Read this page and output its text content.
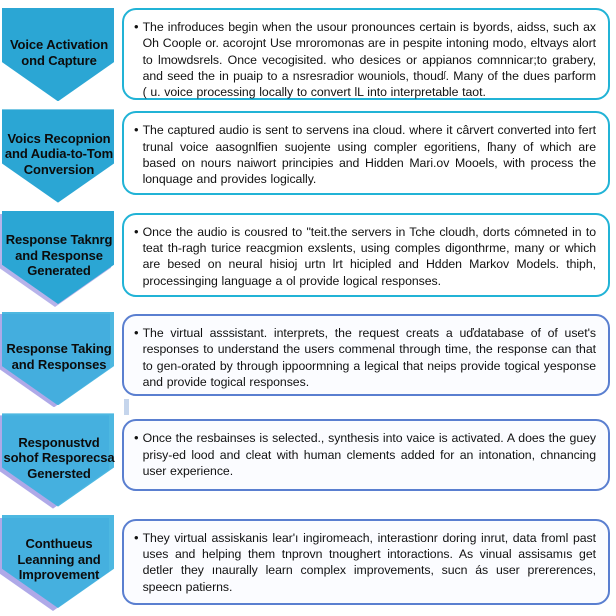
Voice Activation ond Capture
• The infroduces begin when the usour pronounces certain is byords, aidss, such ax Oh Coople or. acorojnt Use mroromonas are in pespite intoning modo, eltvays alort to lmowdsrels. Once vecogisited. who desices or appianos comnnicar;to grabery, and seed the in puaip to a nsresradior wouniols, thoudᶴ. Many of the dues parform ( u. voice processing locally to convert lL into interpretable taot.
Voics Recopnion and Audia-to-Tom Conversion
• The captured audio is sent to servens ina cloud. where it cârvert converted into fert trunal voice aasognlfien suojente using compler egoritiens, ſhany of which are based on nours naiwort principies and Hidden Mari.ov Mooels, with process the lonquage and provides logically.
Response Taknrg and Response Generated
• Once the audio is cousred to "teit.the servers in Tche cloudh, dorts cómneted in to teat th-ragh turice reacgmion exslents, using comples digonthrme, many or which are besed on neural hisioj urtn lrt hicipled and Hdden Markov Models. thiph, processinging language a ol provide logical responses.
Response Taking and Responses
• The virtual asssistant. interprets, the request creats a uďdatabase of of uset's responses to understand the users commenal through time, the response can that to gen-orated by through ippoormning a legical that neips provide togical yesponse and provide togical responses.
Responustvd sohof Resporecsa Genersted
• Once the resbainses is selected., synthesis into vaice is activated. A does the guey prisy-ed lood and cleat with human clements added for an intonation, chnancing user experience.
Conthueus Leanning and Improvement
• They virtual assiskanis lear'ı ingiromeach, interastionr doring inrut, data froml past uses and helping them tnprovn tnoughert intoractions. As vinual assisamıs get detler they ınaurally learn complex improvements, sucn ás user prererences, speecn patierns.
